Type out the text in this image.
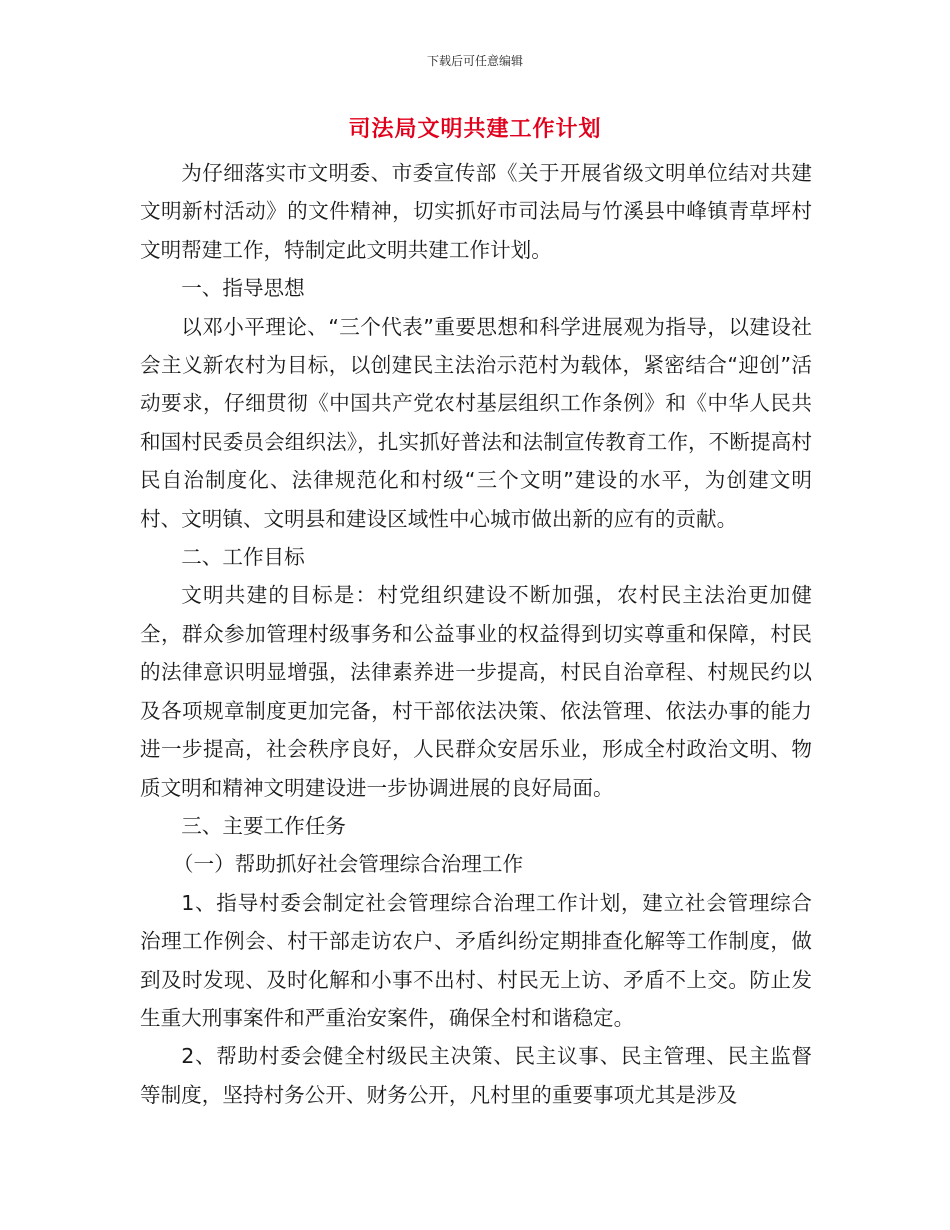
下载后可任意编辑
司法局文明共建工作计划

为仔细落实市文明委、市委宣传部《关于开展省级文明单位结对共建文明新村活动》的文件精神，切实抓好市司法局与竹溪县中峰镇青草坪村文明帮建工作，特制定此文明共建工作计划。

一、指导思想

以邓小平理论、“三个代表”重要思想和科学进展观为指导，以建设社会主义新农村为目标，以创建民主法治示范村为载体，紧密结合“迎创”活动要求，仔细贯彻《中国共产党农村基层组织工作条例》和《中华人民共和国村民委员会组织法》，扎实抓好普法和法制宣传教育工作，不断提高村民自治制度化、法律规范化和村级“三个文明”建设的水平，为创建文明村、文明镇、文明县和建设区域性中心城市做出新的应有的贡献。

二、工作目标

文明共建的目标是：村党组织建设不断加强，农村民主法治更加健全，群众参加管理村级事务和公益事业的权益得到切实尊重和保障，村民的法律意识明显增强，法律素养进一步提高，村民自治章程、村规民约以及各项规章制度更加完备，村干部依法决策、依法管理、依法办事的能力进一步提高，社会秩序良好，人民群众安居乐业，形成全村政治文明、物质文明和精神文明建设进一步协调进展的良好局面。

三、主要工作任务

（一）帮助抓好社会管理综合治理工作

1、指导村委会制定社会管理综合治理工作计划，建立社会管理综合治理工作例会、村干部走访农户、矛盾纠纷定期排查化解等工作制度，做到及时发现、及时化解和小事不出村、村民无上访、矛盾不上交。防止发生重大刑事案件和严重治安案件，确保全村和谐稳定。

2、帮助村委会健全村级民主决策、民主议事、民主管理、民主监督等制度，坚持村务公开、财务公开，凡村里的重要事项尤其是涉及
